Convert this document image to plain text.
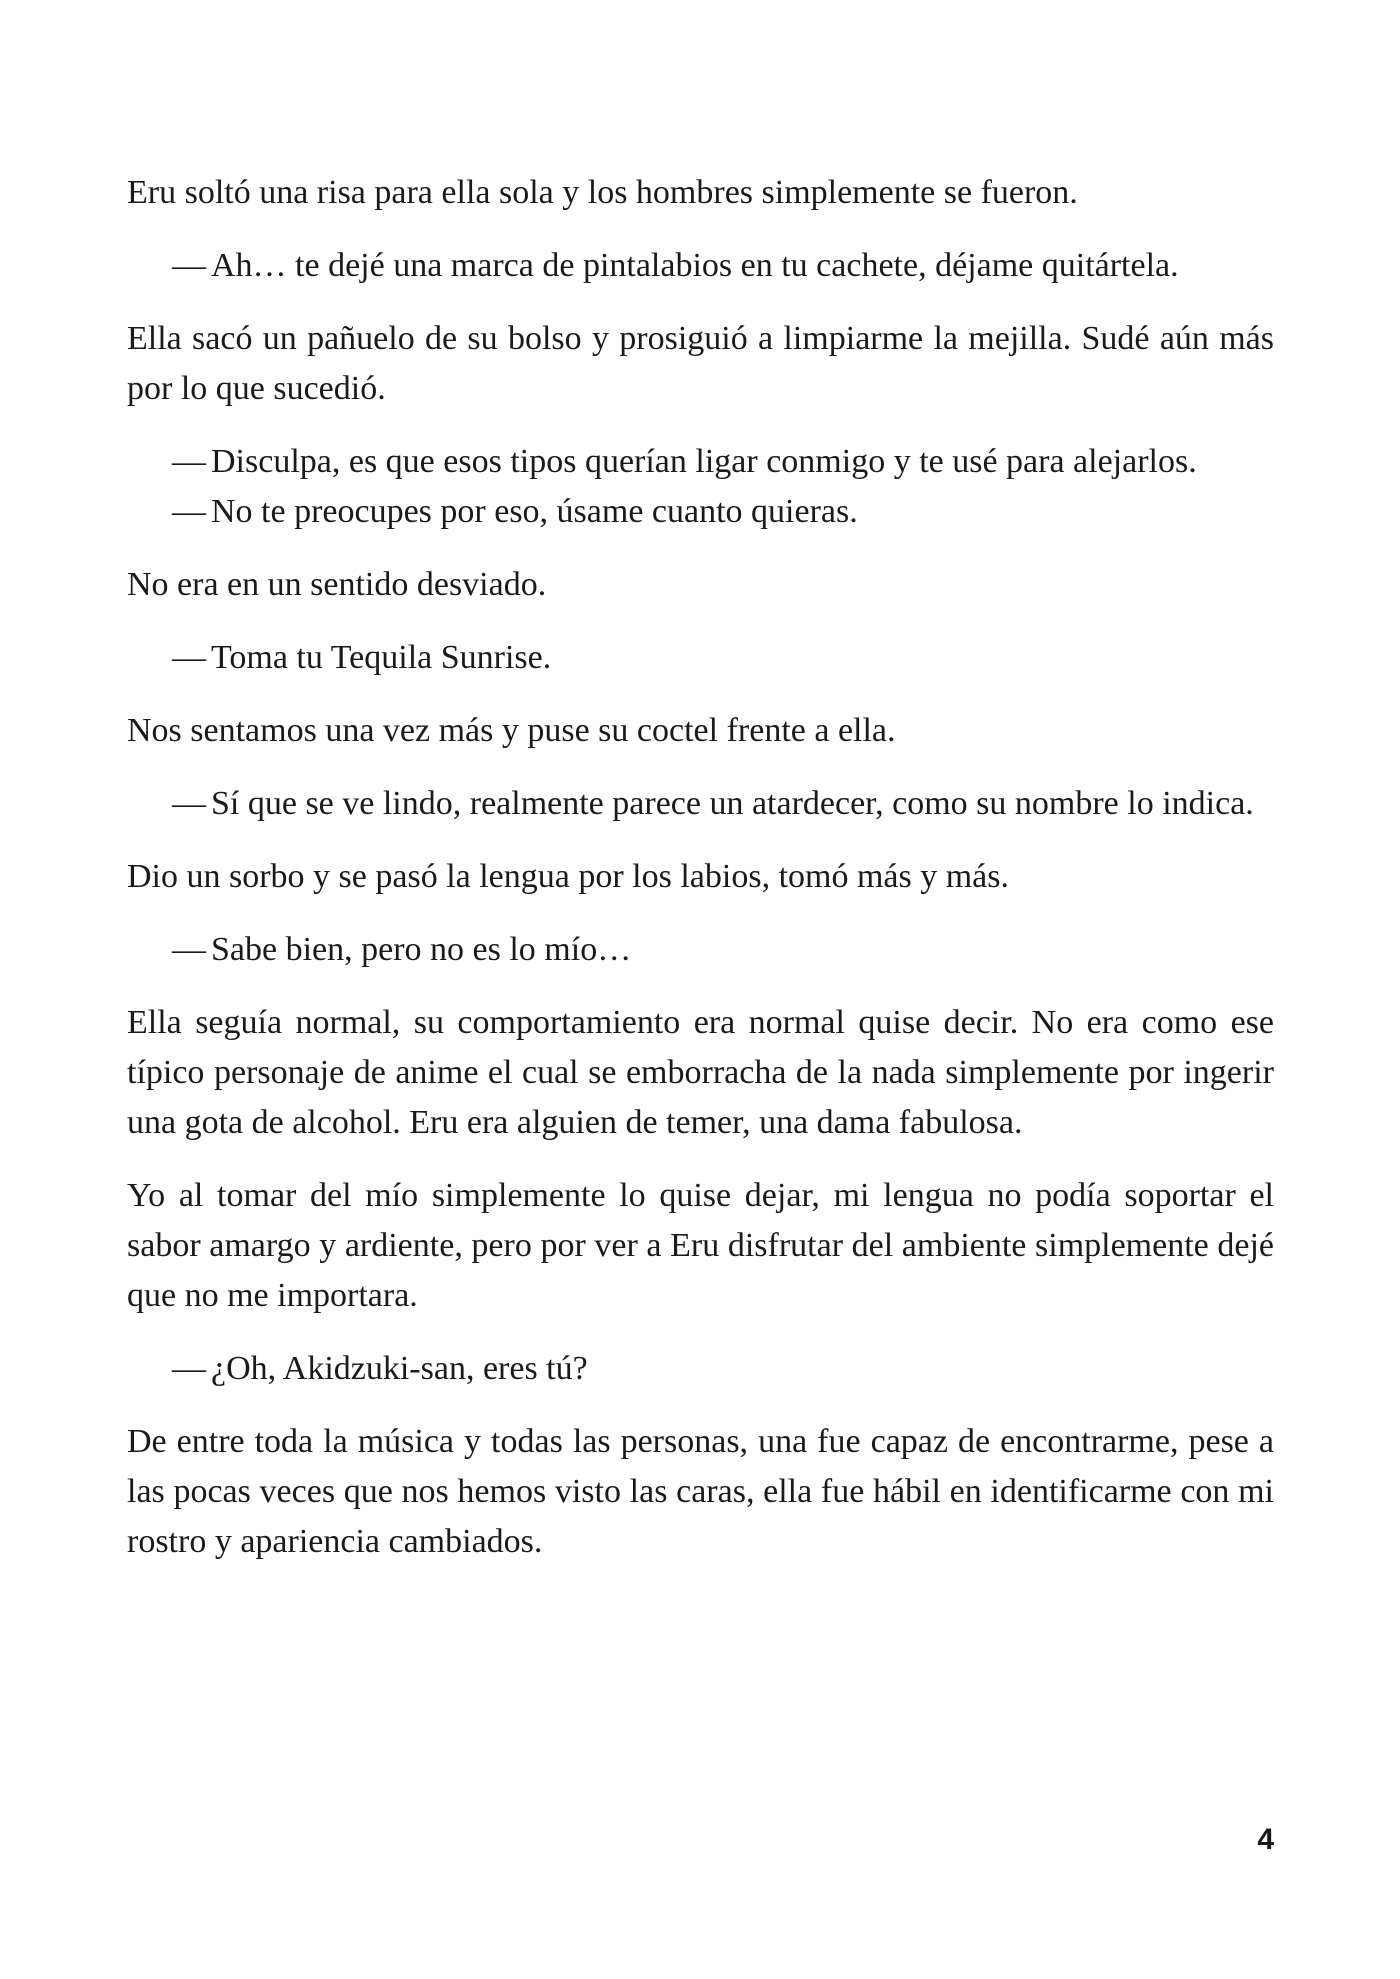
Eru soltó una risa para ella sola y los hombres simplemente se fueron.

— Ah… te dejé una marca de pintalabios en tu cachete, déjame quitártela.

Ella sacó un pañuelo de su bolso y prosiguió a limpiarme la mejilla. Sudé aún más por lo que sucedió.

— Disculpa, es que esos tipos querían ligar conmigo y te usé para alejarlos.

— No te preocupes por eso, úsame cuanto quieras.

No era en un sentido desviado.

— Toma tu Tequila Sunrise.

Nos sentamos una vez más y puse su coctel frente a ella.

— Sí que se ve lindo, realmente parece un atardecer, como su nombre lo indica.

Dio un sorbo y se pasó la lengua por los labios, tomó más y más.

— Sabe bien, pero no es lo mío…

Ella seguía normal, su comportamiento era normal quise decir. No era como ese típico personaje de anime el cual se emborracha de la nada simplemente por ingerir una gota de alcohol. Eru era alguien de temer, una dama fabulosa.

Yo al tomar del mío simplemente lo quise dejar, mi lengua no podía soportar el sabor amargo y ardiente, pero por ver a Eru disfrutar del ambiente simplemente dejé que no me importara.

— ¿Oh, Akidzuki-san, eres tú?

De entre toda la música y todas las personas, una fue capaz de encontrarme, pese a las pocas veces que nos hemos visto las caras, ella fue hábil en identificarme con mi rostro y apariencia cambiados.

4
